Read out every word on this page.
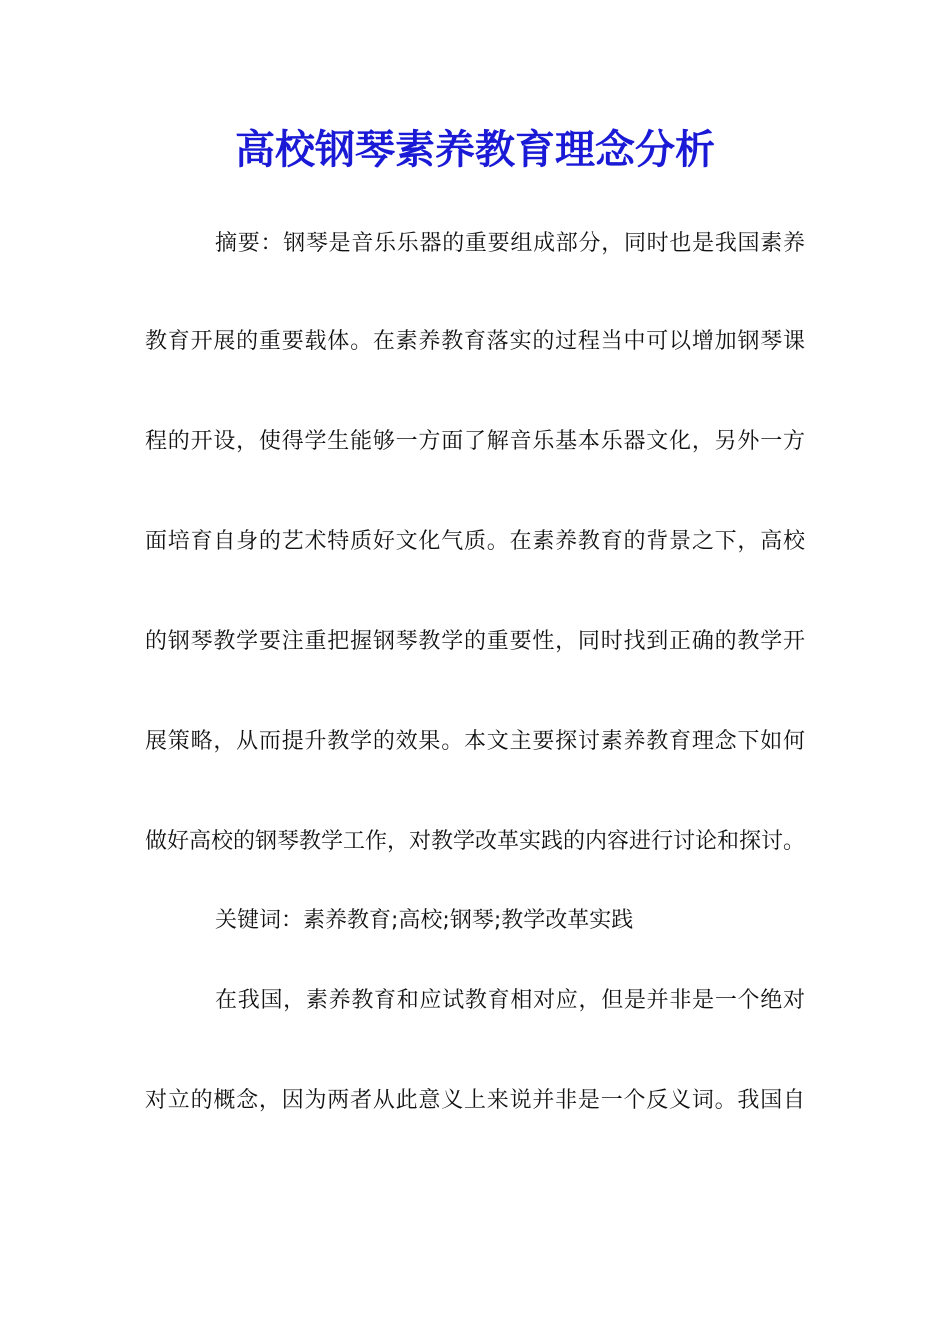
高校钢琴素养教育理念分析
摘要：钢琴是音乐乐器的重要组成部分，同时也是我国素养
教育开展的重要载体。在素养教育落实的过程当中可以增加钢琴课
程的开设，使得学生能够一方面了解音乐基本乐器文化，另外一方
面培育自身的艺术特质好文化气质。在素养教育的背景之下，高校
的钢琴教学要注重把握钢琴教学的重要性，同时找到正确的教学开
展策略，从而提升教学的效果。本文主要探讨素养教育理念下如何
做好高校的钢琴教学工作，对教学改革实践的内容进行讨论和探讨。
关键词：素养教育;高校;钢琴;教学改革实践
在我国，素养教育和应试教育相对应，但是并非是一个绝对
对立的概念，因为两者从此意义上来说并非是一个反义词。我国自
